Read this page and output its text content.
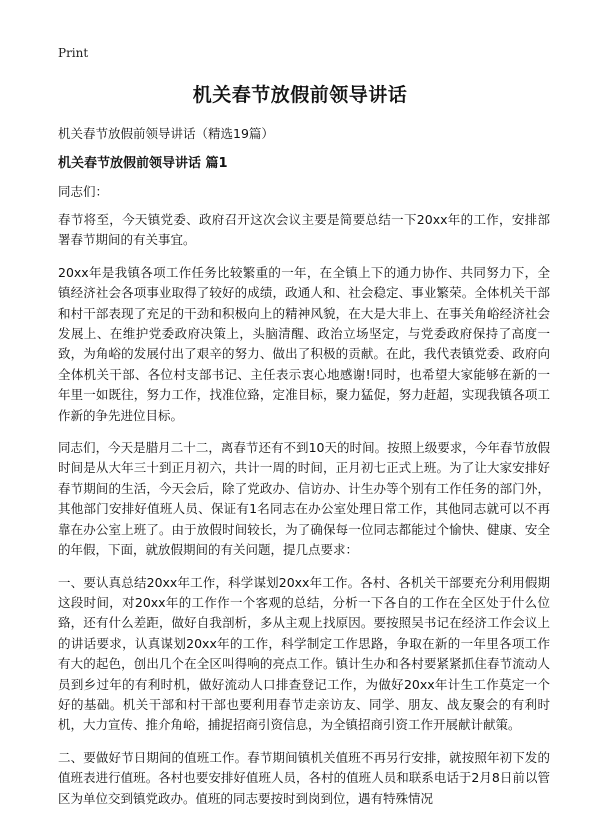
Print
机关春节放假前领导讲话
机关春节放假前领导讲话（精选19篇）
机关春节放假前领导讲话 篇1
同志们：

春节将至，今天镇党委、政府召开这次会议主要是简要总结一下20xx年的工作，安排部署春节期间的有关事宜。

20xx年是我镇各项工作任务比较繁重的一年，在全镇上下的通力协作、共同努力下，全镇经济社会各项事业取得了较好的成绩，政通人和、社会稳定、事业繁荣。全体机关干部和村干部表现了充足的干劲和积极向上的精神风貌，在大是大非上、在事关角峪经济社会发展上、在维护党委政府决策上，头脑清醒、政治立场坚定，与党委政府保持了高度一致，为角峪的发展付出了艰辛的努力、做出了积极的贡献。在此，我代表镇党委、政府向全体机关干部、各位村支部书记、主任表示衷心地感谢!同时，也希望大家能够在新的一年里一如既往，努力工作，找准位臵，定准目标，聚力猛促，努力赶超，实现我镇各项工作新的争先进位目标。

同志们，今天是腊月二十二，离春节还有不到10天的时间。按照上级要求，今年春节放假时间是从大年三十到正月初六，共计一周的时间，正月初七正式上班。为了让大家安排好春节期间的生活，今天会后，除了党政办、信访办、计生办等个别有工作任务的部门外，其他部门安排好值班人员、保证有1名同志在办公室处理日常工作，其他同志就可以不再靠在办公室上班了。由于放假时间较长，为了确保每一位同志都能过个愉快、健康、安全的年假，下面，就放假期间的有关问题，提几点要求：

一、要认真总结20xx年工作，科学谋划20xx年工作。各村、各机关干部要充分利用假期这段时间，对20xx年的工作作一个客观的总结，分析一下各自的工作在全区处于什么位臵，还有什么差距，做好自我剖析，多从主观上找原因。要按照吴书记在经济工作会议上的讲话要求，认真谋划20xx年的工作，科学制定工作思路，争取在新的一年里各项工作有大的起色，创出几个在全区叫得响的亮点工作。镇计生办和各村要紧紧抓住春节流动人员到乡过年的有利时机，做好流动人口排查登记工作，为做好20xx年计生工作莫定一个好的基础。机关干部和村干部也要利用春节走亲访友、同学、朋友、战友聚会的有利时机，大力宣传、推介角峪，捕捉招商引资信息，为全镇招商引资工作开展献计献策。

二、要做好节日期间的值班工作。春节期间镇机关值班不再另行安排，就按照年初下发的值班表进行值班。各村也要安排好值班人员，各村的值班人员和联系电话于2月8日前以管区为单位交到镇党政办。值班的同志要按时到岗到位，遇有特殊情况
